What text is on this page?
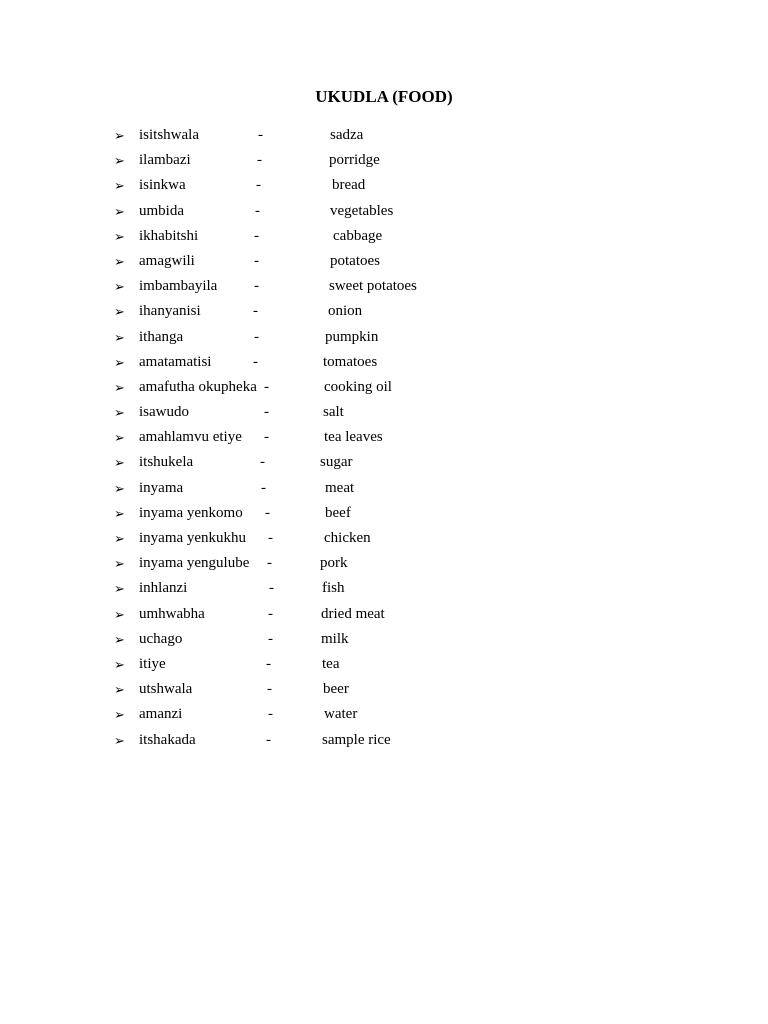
UKUDLA (FOOD)
➢ isitshwala	-	sadza
➢ ilambazi	-	porridge
➢ isinkwa	-	bread
➢ umbida	-	vegetables
➢ ikhabitshi	-	cabbage
➢ amagwili	-	potatoes
➢ imbambayila -	sweet potatoes
➢ ihanyanisi	-	onion
➢ ithanga	-	pumpkin
➢ amatamatisi	-	tomatoes
➢ amafutha okupheka -	cooking oil
➢ isawudo	-	salt
➢ amahlamvu etiye -	tea leaves
➢ itshukela	-	sugar
➢ inyama	-	meat
➢ inyama yenkomo -	beef
➢ inyama yenkukhu -	chicken
➢ inyama yengulube -	pork
➢ inhlanzi	-	fish
➢ umhwabha	-	dried meat
➢ uchago	-	milk
➢ itiye	-	tea
➢ utshwala	-	beer
➢ amanzi	-	water
➢ itshakada	-	sample rice
